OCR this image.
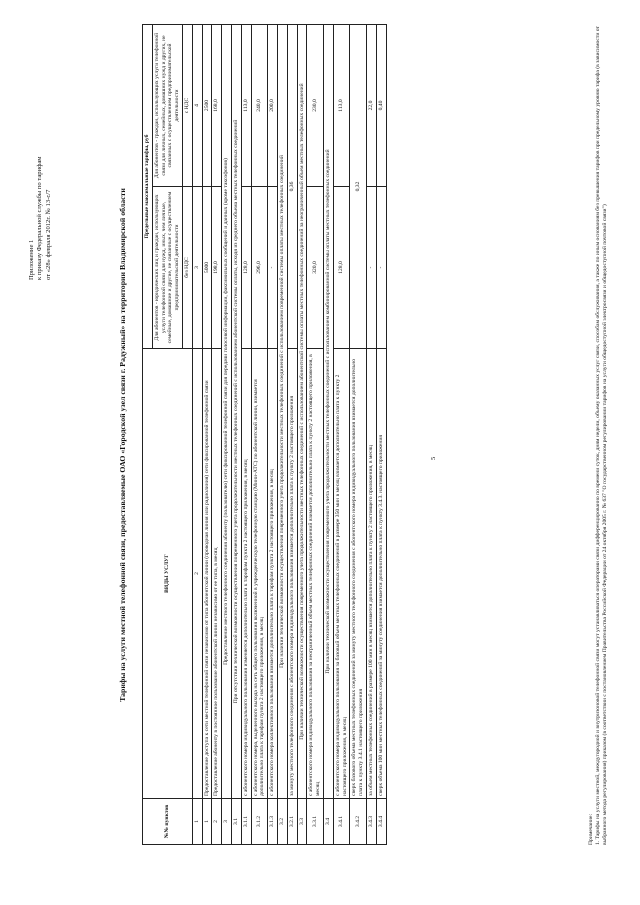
Приложение 1 к приказу Федеральной службы по тарифам от «28» февраля 2012г. № 13-с/7	Тарифы на услуги местной телефонной связи, предоставляемые ОАО «Городской узел связи г. Радужный» на территории Владимирской области
№№ пунктов	ВИДЫ УСЛУГ	Предельные максимальные тарифы, руб	
		Для абонентов - юридических лиц и граждан, использующих услуги телефонной связи для нужд, иных, чем личные, семейные, домашние и другие, не связанные с осуществлением предпринимательской деятельности	Для абонентов - граждан, использующих услуги телефонной связи для личных, семейных, домашних нужд и других, не связанных с осуществлением предпринимательской деятельности
		без НДС	с НДС
1	2	3	4
1	Предоставление доступа к сети местной телефонной связи независимо от типа абонентской линии (проводная линия или радиолиния) сети фиксированной телефонной связи	5000	2500
2	Предоставление абоненту в постоянное пользование абонентской линии независимо от ее типа, в месяц	198,0	168,0
3	Предоставление местного телефонного соединения абоненту (пользователю) сети фиксированной телефонной связи для передачи голосовой информации, факсимильных сообщений и данных (кроме таксофонов)		
3.1	При отсутствии технической возможности осуществления повременного учета продолжительности местных телефонных соединений с использованием абонентской системы оплаты, исходя из среднего объема местных телефонных соединений		
3.1.1	с абонентского номера индивидуального пользования изменяется дополнительно плата к тарифам пункта 2 настоящего приложения, в месяц	128,0	113,0
3.1.2	с абонентского номера, выделенного выхода на сеть общего пользования включенной в учрежденческую телефонную станцию (Мини-АТС) по абонентской линии, взимается дополнительно плата к тарифам пункта 2 настоящего приложения, в месяц	296,0	240,0
3.1.3	с абонентского номера коллективного пользования взимается дополнительно плата к тарифам пункта 2 настоящего приложения, в месяц	-	200,0
3.2	При наличии технической возможности осуществления повременного учета продолжительности местных телефонных соединений с использованием повременной системы оплаты местных телефонных соединений		
3.2.1	за минуту местного телефонного соединения с абонентского номера индивидуального пользования взимается дополнительно плата к пункту 2 настоящего приложения	0,36	
3.3	При наличии технической возможности осуществления повременного учета продолжительности местных телефонных соединений с использованием абонентской системы оплаты местных телефонных соединений за неограниченный объем местных телефонных соединений		
3.3.1	с абонентского номера индивидуального пользования за неограниченный объем местных телефонных соединений взимается дополнительно плата к пункту 2 настоящего приложения, в месяц	320,0	230,0
3.4	При наличии технической возможности осуществления повременного учета продолжительности местных телефонных соединений с использованием комбинированной системы оплаты местных телефонных соединений		
3.4.1	с абонентского номера индивидуального пользования за базовый объем местных телефонных соединений в размере 350 мин в месяц взимается дополнительно плата к пункту 2 настоящего приложения, в месяц	128,0	113,0
3.4.2	сверх базового объема местных телефонных соединений за минуту местного телефонного соединения с абонентского номера индивидуального пользования взимается дополнительно плата к пункту 3.4.1 настоящего приложения	0,32	
3.4.3	за объем местных телефонных соединений в размере 100 мин в месяц взимается дополнительно плата к пункту 2 настоящего приложения, в месяц	-	22,0
3.4.4	сверх объема 100 мин местных телефонных соединений за минуту соединения взимается дополнительно плата к пункту 3.4.3. настоящего приложения	-	0,40
Примечание: 1. Тарифы на услуги местной, междугородной и внутризоновой телефонной связи могут устанавливаться операторами связи дифференцированно по времени суток, дням недели, объему оказанных услуг связи, способам обслуживания, а также по иным основаниям без превышения тарифов при предельному уровню тарифа (в зависимости от выбранного метода регулирования) приказом (в соответствии с постановлением Правительства Российской Федерации от 24 октября 2005 г. № 637 "О государственном регулировании тарифов на услуги общедоступной электросвязи и общедоступной почтовой связи")
5
